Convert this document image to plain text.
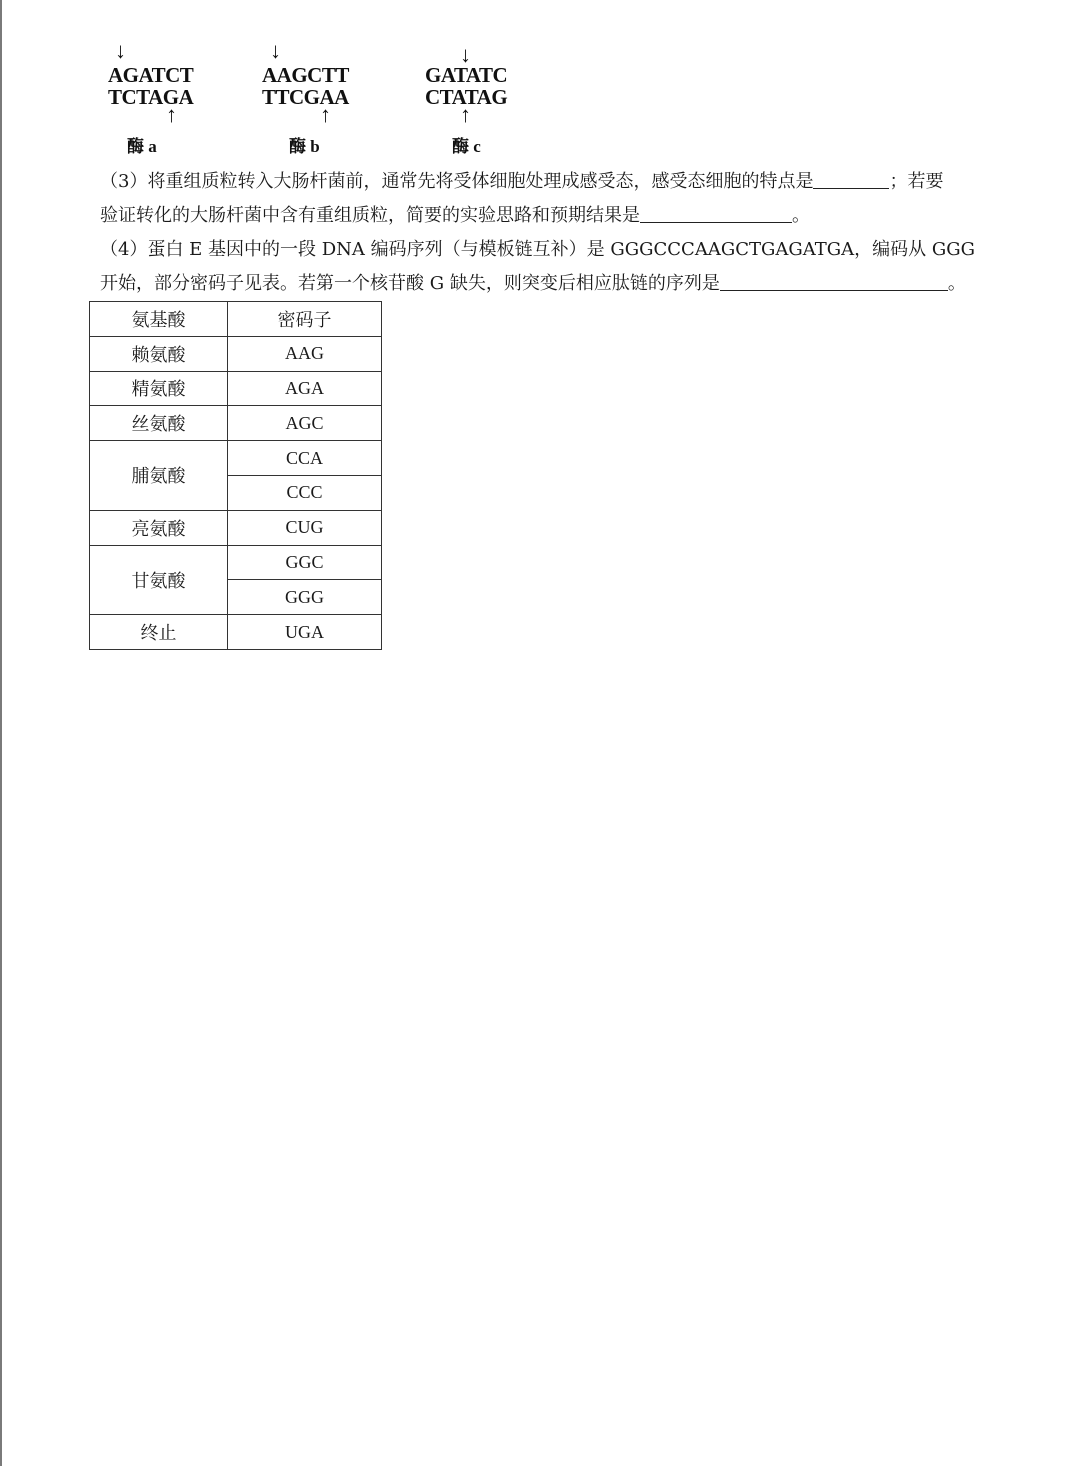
↓
AGATCT
TCTAGA
↑
酶 a
↓
AAGCTT
TTCGAA
↑
酶 b
↓
GATATC
CTATAG
↑
酶 c
（3）将重组质粒转入大肠杆菌前，通常先将受体细胞处理成感受态，感受态细胞的特点是	；若要
验证转化的大肠杆菌中含有重组质粒，简要的实验思路和预期结果是	。
（4）蛋白 E 基因中的一段 DNA 编码序列（与模板链互补）是 GGGCCCAAGCTGAGATGA，编码从 GGG
开始，部分密码子见表。若第一个核苷酸 G 缺失，则突变后相应肽链的序列是	。
氨基酸	密码子
赖氨酸	AAG
精氨酸	AGA
丝氨酸	AGC
脯氨酸	CCA
	CCC
亮氨酸	CUG
甘氨酸	GGC
	GGG
终止	UGA
